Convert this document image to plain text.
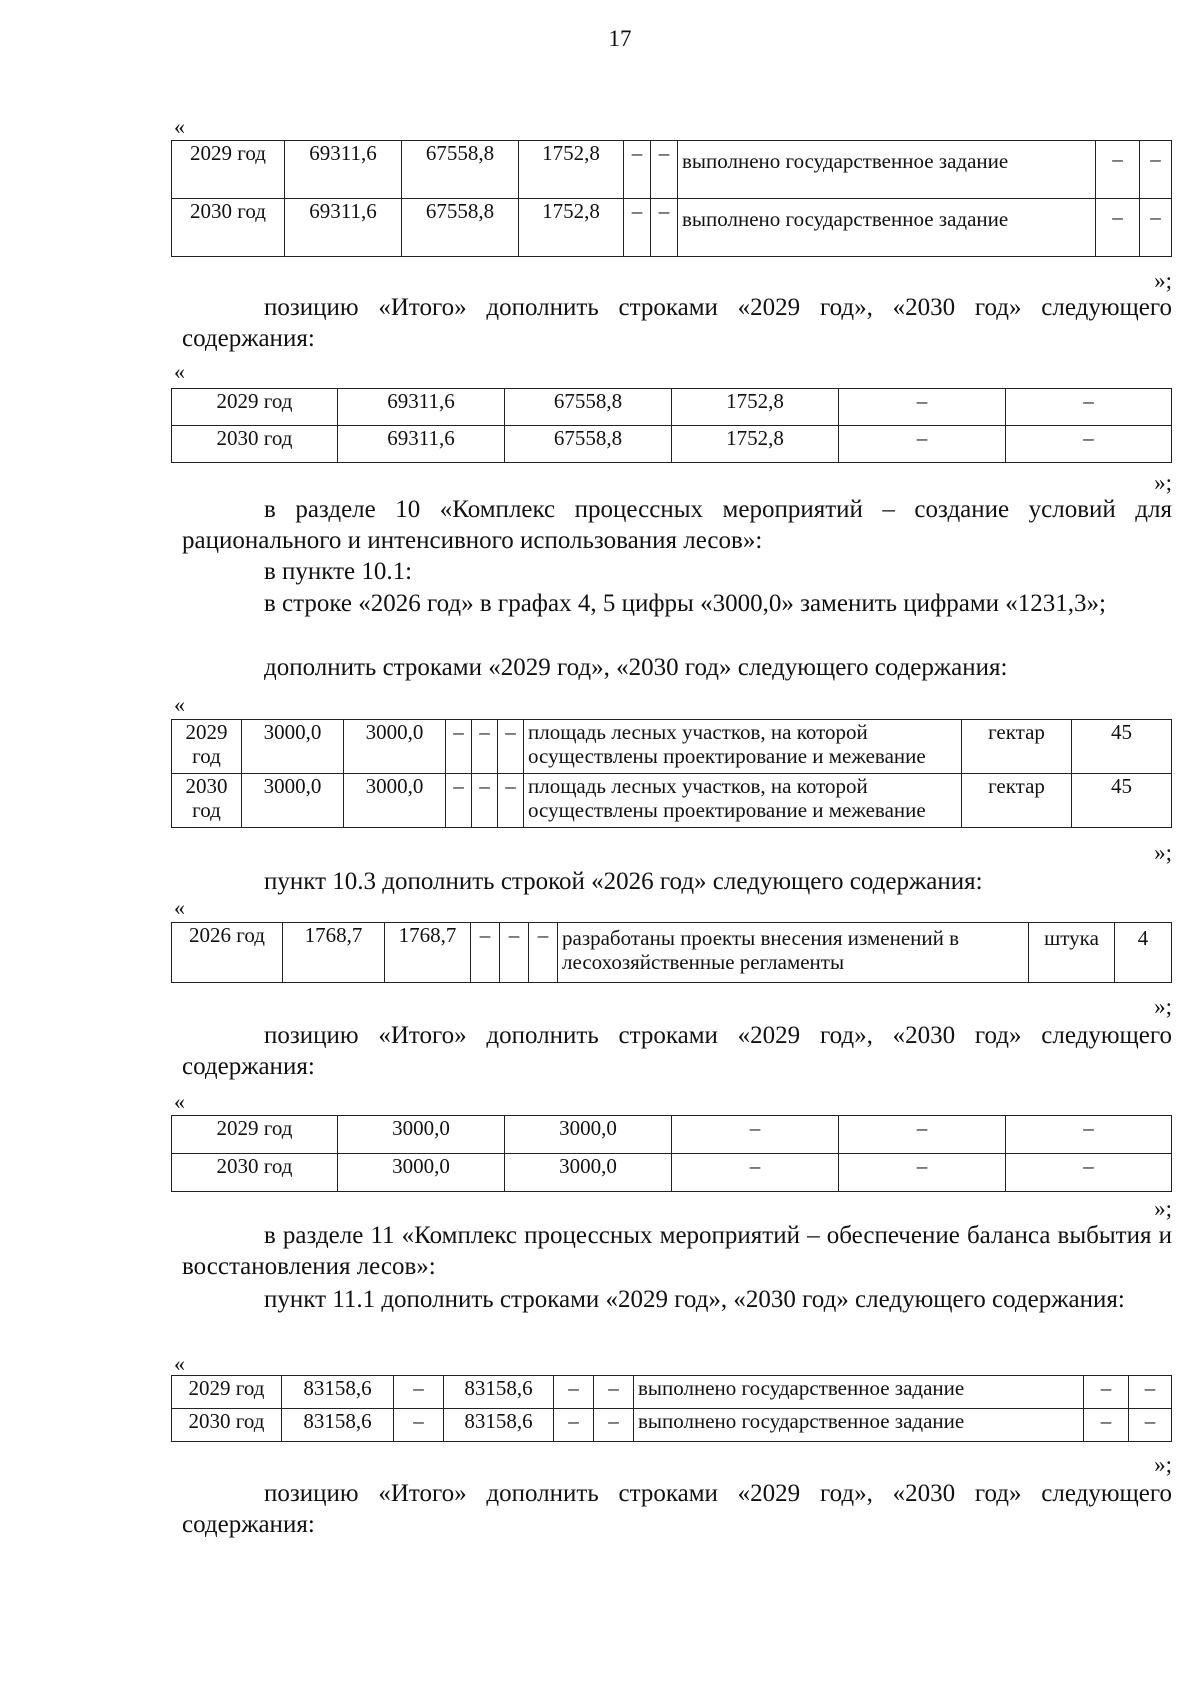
17
«
2029 год	69311,6	67558,8	1752,8	–	–	выполнено государственное задание	–	–
2030 год	69311,6	67558,8	1752,8	–	–	выполнено государственное задание	–	–
»;
позицию «Итого» дополнить строками «2029 год», «2030 год» следующего содержания:
«
2029 год	69311,6	67558,8	1752,8	–	–
2030 год	69311,6	67558,8	1752,8	–	–
»;
в разделе 10 «Комплекс процессных мероприятий – создание условий для рационального и интенсивного использования лесов»:
в пункте 10.1:
в строке «2026 год» в графах 4, 5 цифры «3000,0» заменить цифрами «1231,3»;
дополнить строками «2029 год», «2030 год» следующего содержания:
«
2029 год	3000,0	3000,0	–	–	–	площадь лесных участков, на которой осуществлены проектирование и межевание	гектар	45
2030 год	3000,0	3000,0	–	–	–	площадь лесных участков, на которой осуществлены проектирование и межевание	гектар	45
»;
пункт 10.3 дополнить строкой «2026 год» следующего содержания:
«
2026 год	1768,7	1768,7	–	–	–	разработаны проекты внесения изменений в лесохозяйственные регламенты	штука	4
»;
позицию «Итого» дополнить строками «2029 год», «2030 год» следующего содержания:
«
2029 год	3000,0	3000,0	–	–	–
2030 год	3000,0	3000,0	–	–	–
»;
в разделе 11 «Комплекс процессных мероприятий – обеспечение баланса выбытия и восстановления лесов»:
пункт 11.1 дополнить строками «2029 год», «2030 год» следующего содержания:
«
2029 год	83158,6	–	83158,6	–	–	выполнено государственное задание	–	–
2030 год	83158,6	–	83158,6	–	–	выполнено государственное задание	–	–
»;
позицию «Итого» дополнить строками «2029 год», «2030 год» следующего содержания:
